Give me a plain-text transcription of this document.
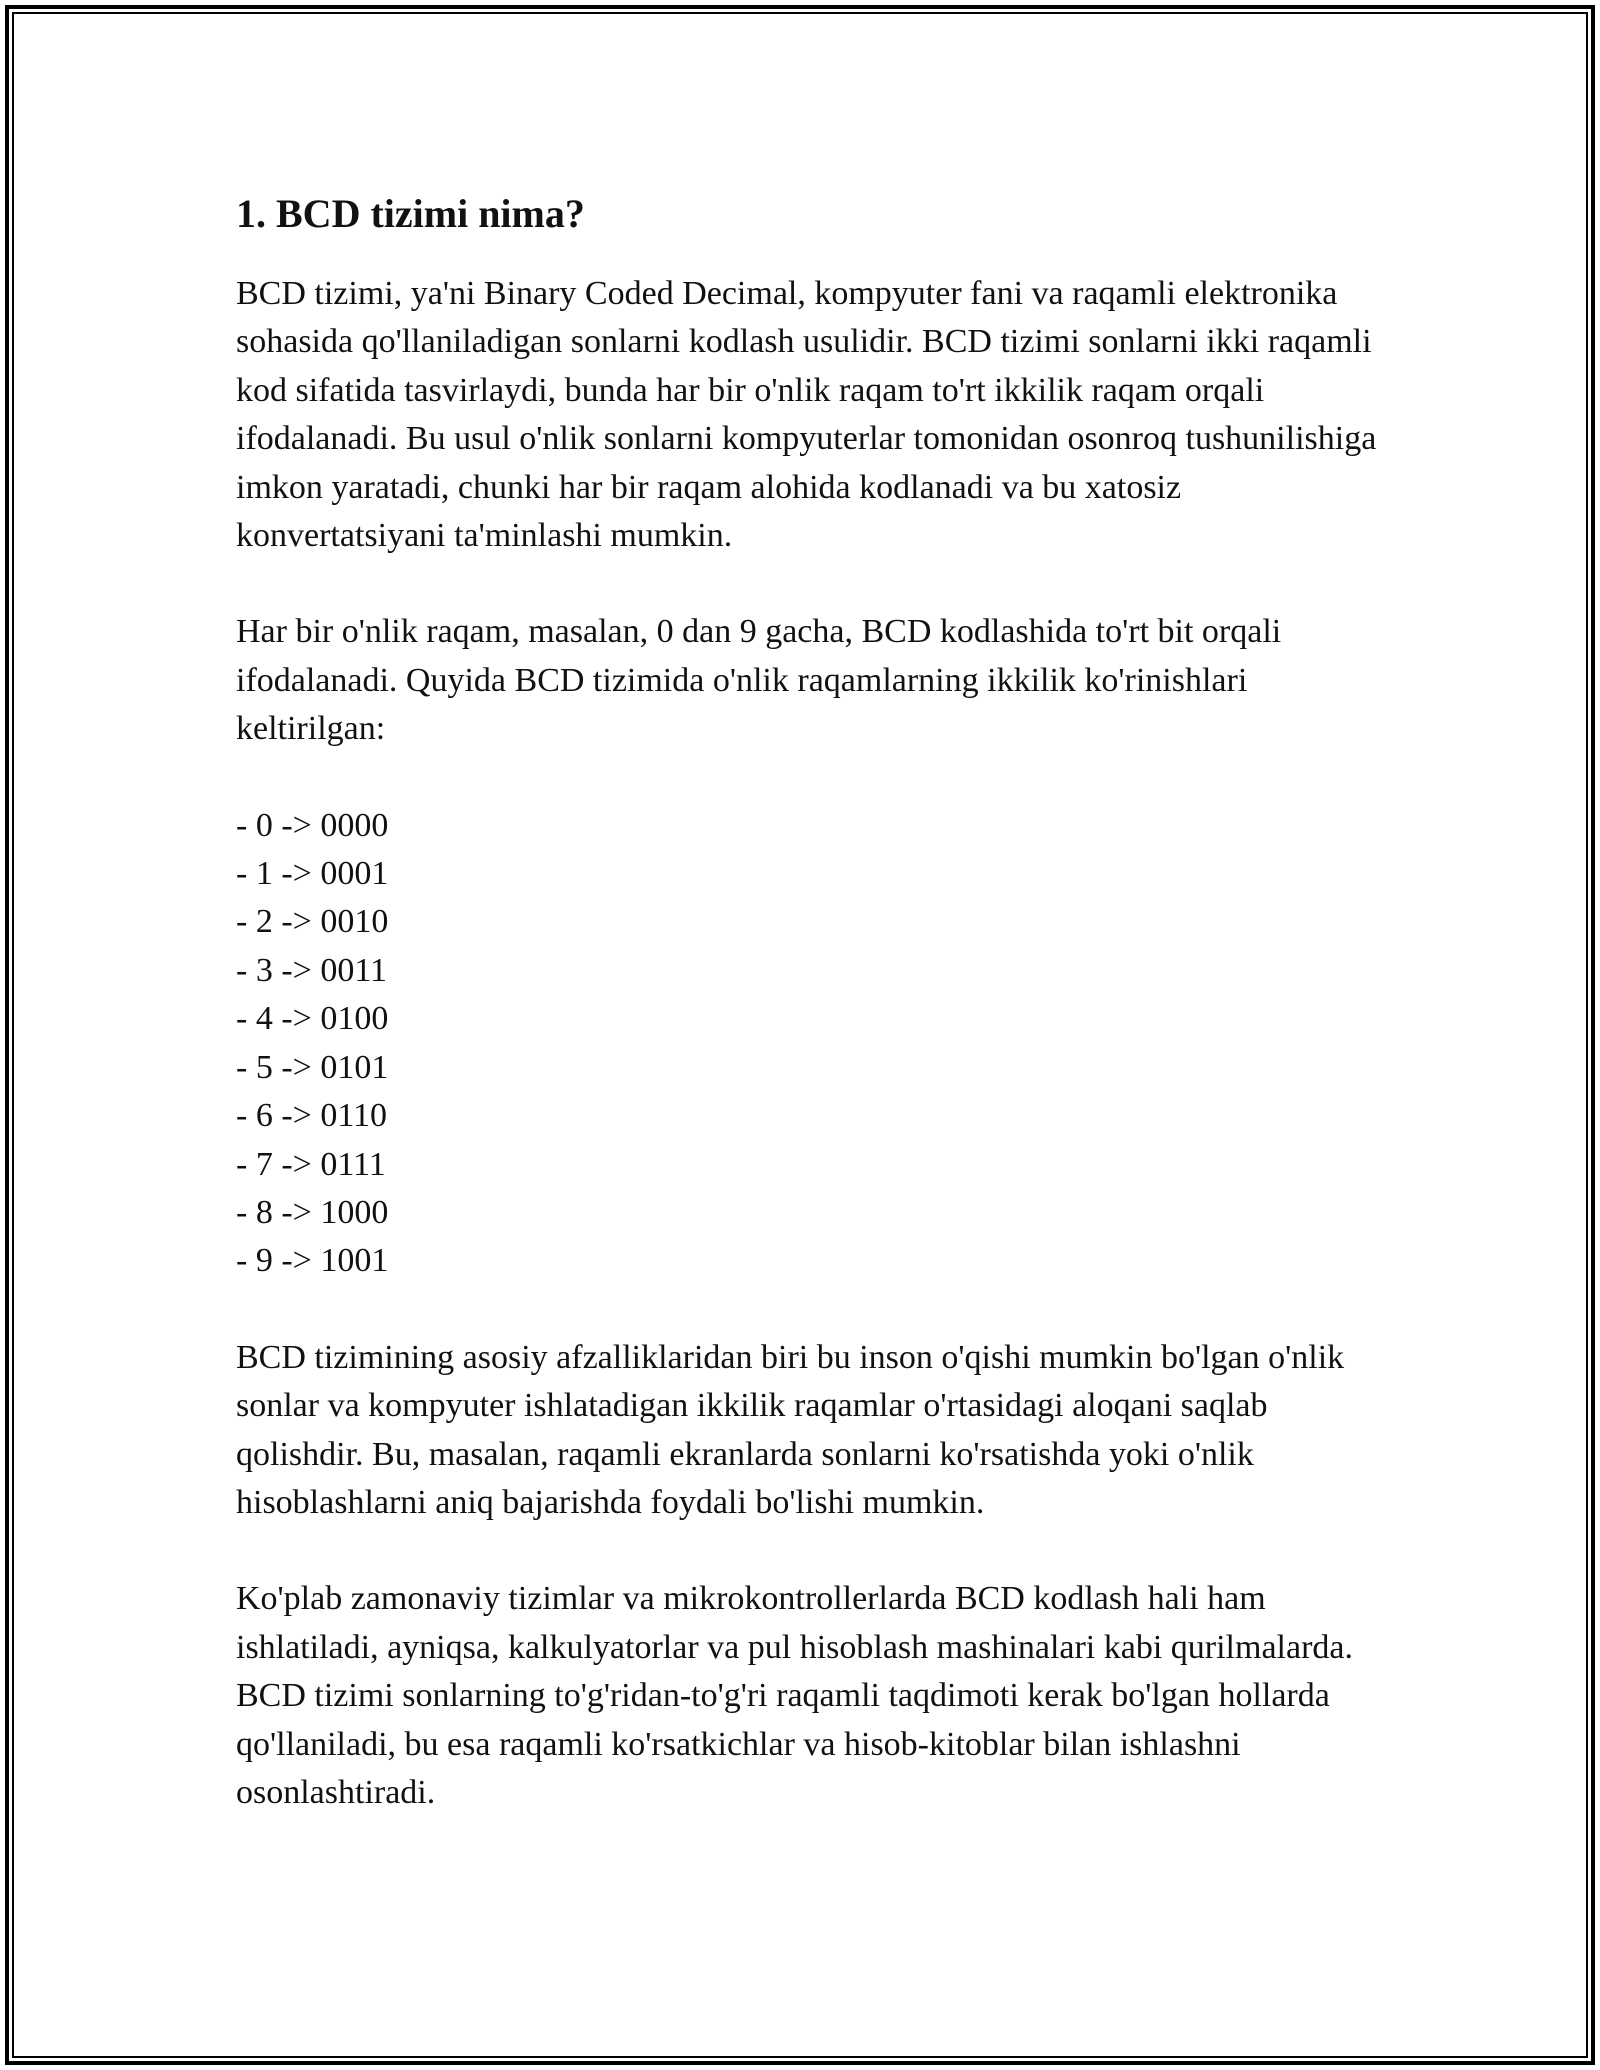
1. BCD tizimi nima?

BCD tizimi, ya'ni Binary Coded Decimal, kompyuter fani va raqamli elektronika sohasida qo'llaniladigan sonlarni kodlash usulidir. BCD tizimi sonlarni ikki raqamli kod sifatida tasvirlaydi, bunda har bir o'nlik raqam to'rt ikkilik raqam orqali ifodalanadi. Bu usul o'nlik sonlarni kompyuterlar tomonidan osonroq tushunilishiga imkon yaratadi, chunki har bir raqam alohida kodlanadi va bu xatosiz konvertatsiyani ta'minlashi mumkin.

Har bir o'nlik raqam, masalan, 0 dan 9 gacha, BCD kodlashida to'rt bit orqali ifodalanadi. Quyida BCD tizimida o'nlik raqamlarning ikkilik ko'rinishlari keltirilgan:

- 0 -> 0000
- 1 -> 0001
- 2 -> 0010
- 3 -> 0011
- 4 -> 0100
- 5 -> 0101
- 6 -> 0110
- 7 -> 0111
- 8 -> 1000
- 9 -> 1001

BCD tizimining asosiy afzalliklaridan biri bu inson o'qishi mumkin bo'lgan o'nlik sonlar va kompyuter ishlatadigan ikkilik raqamlar o'rtasidagi aloqani saqlab qolishdir. Bu, masalan, raqamli ekranlarda sonlarni ko'rsatishda yoki o'nlik hisoblashlarni aniq bajarishda foydali bo'lishi mumkin.

Ko'plab zamonaviy tizimlar va mikrokontrollerlarda BCD kodlash hali ham ishlatiladi, ayniqsa, kalkulyatorlar va pul hisoblash mashinalari kabi qurilmalarda. BCD tizimi sonlarning to'g'ridan-to'g'ri raqamli taqdimoti kerak bo'lgan hollarda qo'llaniladi, bu esa raqamli ko'rsatkichlar va hisob-kitoblar bilan ishlashni osonlashtiradi.
